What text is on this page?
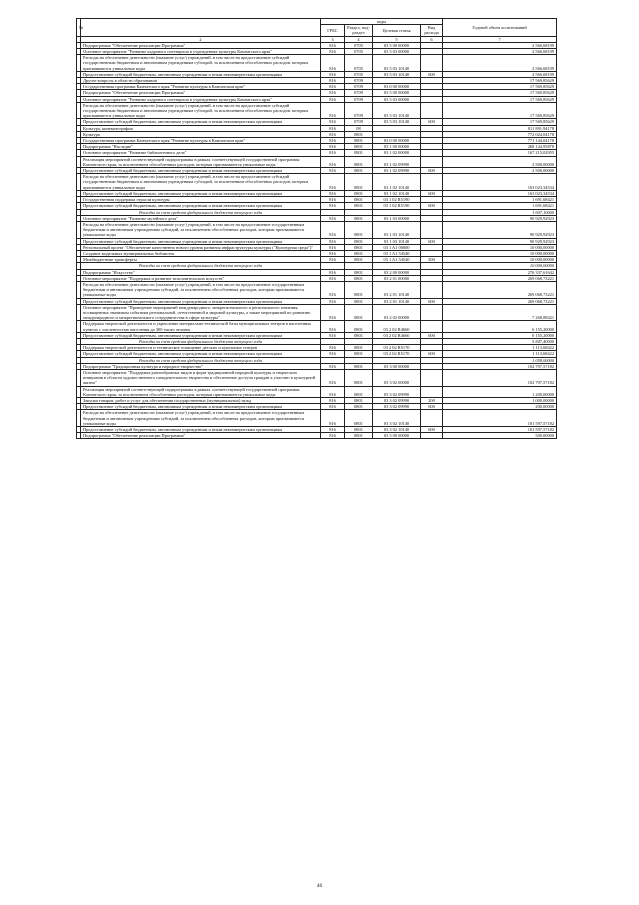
№		коды				Годовой объем ассигнований
		ГРБС	Раздел, под-раздел	Целевая статья	Вид расхода	
1	2	3	4	5	6	7
	Подпрограмма "Обеспечение реализации Программы"	816	0705	03 5 00 00000		2 566,68199
	Основное мероприятие "Развитие кадрового потенциала в учреждениях культуры Камчатского края"	816	0705	03 5 03 00000		2 566,68199
	Расходы на обеспечение деятельности (оказание услуг) учреждений, в том числе на предоставление субсидий государственным бюджетным и автономным учреждениям субсидий, за исключением обособленных расходов, которым присваиваются уникальные коды	816	0705	03 5 03 10140		2 566,68199
	Предоставление субсидий бюджетным, автономным учреждениям и иным некоммерческим организациям	816	0705	03 5 03 10140	600	2 566,68199
	Другие вопросы в области образования	816	0709			17 569,85629
	Государственная программа Камчатского края "Развитие культуры в Камчатском крае"	816	0709	03 0 00 00000		17 569,85629
	Подпрограмма "Обеспечение реализации Программы"	816	0709	03 5 00 00000		17 569,85629
	Основное мероприятие "Развитие кадрового потенциала в учреждениях культуры Камчатского края"	816	0709	03 5 03 00000		17 569,85629
	Расходы на обеспечение деятельности (оказание услуг) учреждений, в том числе на предоставление субсидий государственным бюджетным и автономным учреждениям субсидий, за исключением обособленных расходов, которым присваиваются уникальные коды	816	0709	03 5 03 10140		17 569,85629
	Предоставление субсидий бюджетным, автономным учреждениям и иным некоммерческим организациям	816	0709	03 5 03 10140	600	17 569,85629
	Культура, кинематография	816	08			811 891,94178
	Культура	816	0801			772 024,04178
	Государственная программа Камчатского края "Развитие культуры в Камчатском крае"	816	0801	03 0 00 00000		771 144,04178
	Подпрограмма "Наследие"	816	0801	03 1 00 00000		268 144,95878
	Основное мероприятие "Развитие библиотечного дела"	816	0801	03 1 02 00000		167 215,02955
	Реализация мероприятий соответствующей подпрограммы в рамках соответствующей государственной программы Камчатского края, за исключением обособленных расходов, которым присваиваются уникальные коды	816	0801	03 1 02 09990		2 500,00000
	Предоставление субсидий бюджетным, автономным учреждениям и иным некоммерческим организациям	816	0801	03 1 02 09990	600	2 500,00000
	Расходы на обеспечение деятельности (оказание услуг) учреждений, в том числе на предоставление субсидий государственным бюджетным и автономным учреждениям субсидий, за исключением обособленных расходов, которым присваиваются уникальные коды	816	0801	03 1 02 10140		163 023,34534
	Предоставление субсидий бюджетным, автономным учреждениям и иным некоммерческим организациям	816	0801	03 1 02 10140	600	163 023,34534
	Государственная поддержка отрасли культуры	816	0801	03 1 02 R5190		1 691,68421
	Предоставление субсидий бюджетным, автономным учреждениям и иным некоммерческим организациям	816	0801	03 1 02 R5190	600	1 691,68421
	Расходы за счет средств федерального бюджета текущего года					1 607,10000
	Основное мероприятие "Развитие музейного дела"	816	0801	03 1 03 00000		90 929,92923
	Расходы на обеспечение деятельности (оказание услуг) учреждений, в том числе на предоставление государственным бюджетным и автономным учреждениям субсидий, за исключением обособленных расходов, которым присваиваются уникальные коды	816	0801	03 1 03 10140		90 929,92923
	Предоставление субсидий бюджетным, автономным учреждениям и иным некоммерческим организациям	816	0801	03 1 03 10140	600	90 929,92923
	Региональный проект "Обеспечение качественно нового уровня развития инфраструктуры культуры ("Культурная среда")"	816	0801	03 1 A1 00000		10 000,00000
	Создание модельных муниципальных библиотек	816	0801	03 1 A1 54540		10 000,00000
	Межбюджетные трансферты	816	0801	03 1 A1 54540	500	10 000,00000
	Расходы за счет средств федерального бюджета текущего года					10 000,00000
	Подпрограмма "Искусство"	816	0801	03 2 00 00000		276 337,61642
	Основное мероприятие "Поддержка и развитие исполнительских искусств"	816	0801	03 2 01 00000		269 068,73221
	Расходы на обеспечение деятельности (оказание услуг) учреждений, в том числе на предоставление государственным бюджетным и автономным учреждениям субсидий, за исключением обособленных расходов, которым присваиваются уникальные коды	816	0801	03 2 01 10140		269 068,73221
	Предоставление субсидий бюджетным, автономным учреждениям и иным некоммерческим организациям	816	0801	03 2 01 10140	600	269 068,73221
	Основное мероприятие "Проведение мероприятий международного, межрегионального и регионального значения, посвященных значимым событиям региональной, отечественной и мировой культуры, а также мероприятий по развитию международного и межрегионального сотрудничества в сфере культуры"	816	0801	03 2 02 00000		7 268,88421
	Поддержка творческой деятельности и укрепление материально-технической базы муниципальных театров в населенных пунктах с численностью населения до 300 тысяч человек	816	0801	03 2 02 R4660		6 155,20000
	Предоставление субсидий бюджетным, автономным учреждениям и иным некоммерческим организациям	816	0801	03 2 02 R4660	600	6 155,20000
	Расходы за счет средств федерального бюджета текущего года					5 847,40000
	Поддержка творческой деятельности и техническое оснащение детских и кукольных театров	816	0801	03 2 02 R5170		1 113,68422
	Предоставление субсидий бюджетным, автономным учреждениям и иным некоммерческим организациям	816	0801	03 2 02 R5170	600	1 113,68422
	Расходы за счет средств федерального бюджета текущего года					1 058,00000
	Подпрограмма "Традиционная культура и народное творчество"	816	0801	03 3 00 00000		102 797,57182
	Основное мероприятие "Поддержка разнообразных видов и форм традиционной народной культуры и творческих инициатив в области художественного самодеятельного творчества и обеспечение доступа граждан к участию в культурной жизни"	816	0801	03 3 02 00000		102 797,57182
	Реализация мероприятий соответствующей подпрограммы в рамках соответствующей государственной программы Камчатского края, за исключением обособленных расходов, которым присваиваются уникальные коды	816	0801	03 3 02 09990		1 200,00000
	Закупка товаров, работ и услуг для обеспечения государственных (муниципальных) нужд	816	0801	03 3 02 09990	200	1 000,00000
	Предоставление субсидий бюджетным, автономным учреждениям и иным некоммерческим организациям	816	0801	03 3 02 09990	600	200,00000
	Расходы на обеспечение деятельности (оказание услуг) учреждений, в том числе на предоставление государственным бюджетным и автономным учреждениям субсидий, за исключением обособленных расходов, которым присваиваются уникальные коды	816	0801	03 3 02 10140		101 597,57182
	Предоставление субсидий бюджетным, автономным учреждениям и иным некоммерческим организациям	816	0801	03 3 02 10140	600	101 597,57182
	Подпрограмма "Обеспечение реализации Программы"	816	0801	03 5 00 00000		500,00000
46
